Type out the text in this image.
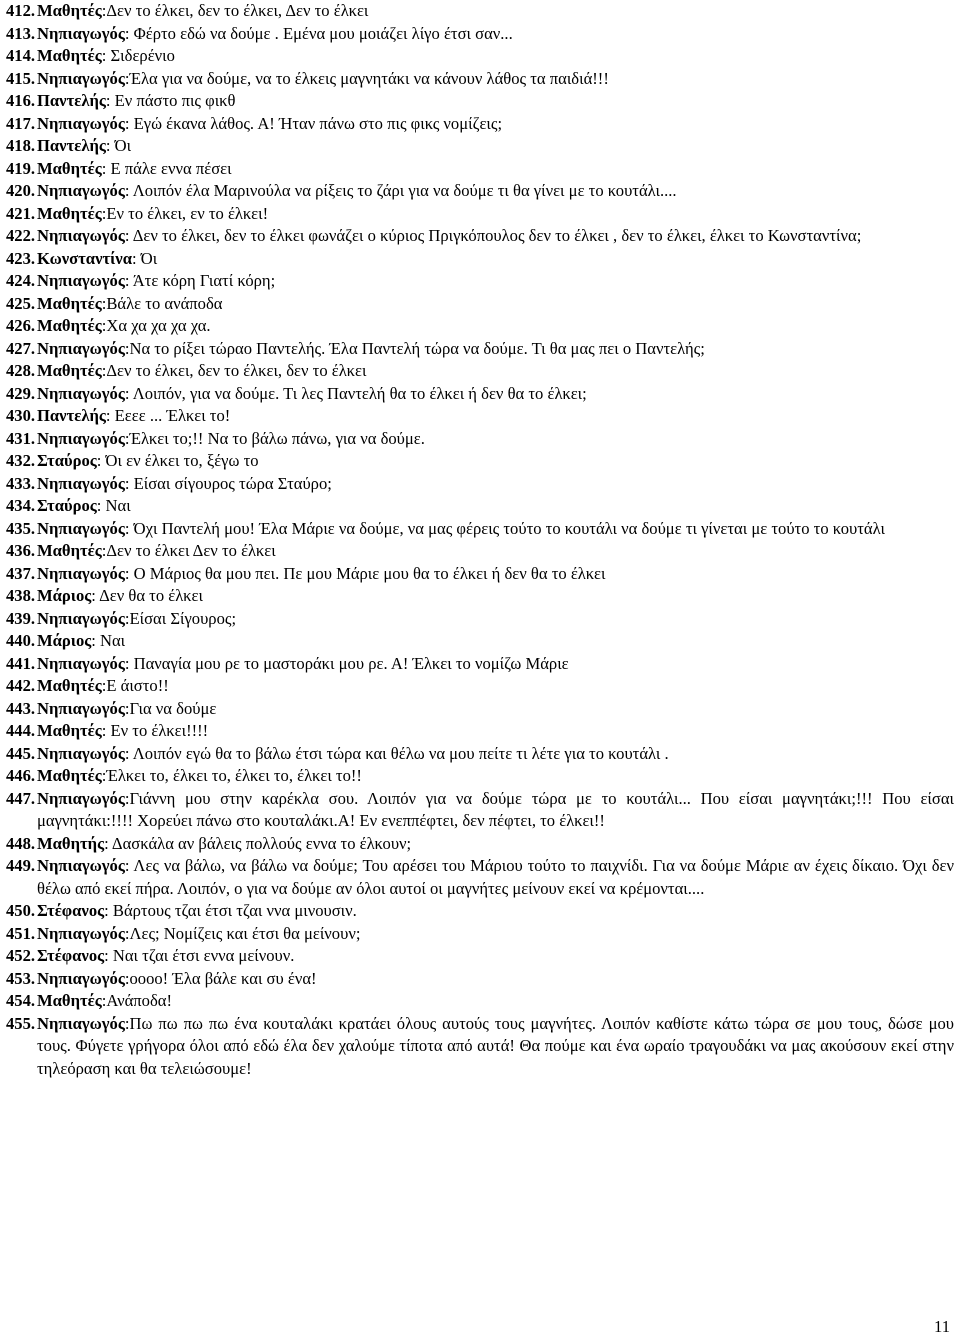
412. Μαθητές:Δεν το έλκει, δεν το έλκει, Δεν το έλκει
413. Νηπιαγωγός: Φέρτο εδώ να δούμε . Εμένα μου μοιάζει λίγο έτσι σαν...
414. Μαθητές: Σιδερένιο
415. Νηπιαγωγός:Έλα για να δούμε, να το έλκεις μαγνητάκι να κάνουν λάθος τα παιδιά!!!
416. Παντελής: Εν πάστο πις φικθ
417. Νηπιαγωγός: Εγώ έκανα λάθος. Α! Ήταν πάνω στο πις φικς νομίζεις;
418. Παντελής: Όι
419. Μαθητές: Ε πάλε εννα πέσει
420. Νηπιαγωγός: Λοιπόν έλα Μαρινούλα να ρίξεις το ζάρι για να δούμε τι θα γίνει με το κουτάλι....
421. Μαθητές:Εν το έλκει, εν το έλκει!
422. Νηπιαγωγός: Δεν το έλκει, δεν το έλκει φωνάζει ο κύριος Πριγκόπουλος δεν το έλκει , δεν το έλκει, έλκει το Κωνσταντίνα;
423. Κωνσταντίνα: Όι
424. Νηπιαγωγός: Άτε κόρη Γιατί κόρη;
425. Μαθητές:Βάλε το ανάποδα
426. Μαθητές:Χα χα χα χα χα.
427. Νηπιαγωγός:Να το ρίξει τώραο Παντελής. Έλα Παντελή τώρα να δούμε. Τι θα μας πει ο Παντελής;
428. Μαθητές:Δεν το έλκει, δεν το έλκει, δεν το έλκει
429. Νηπιαγωγός: Λοιπόν, για να δούμε. Τι λες Παντελή θα το έλκει ή δεν θα το έλκει;
430. Παντελής: Εεεε ... Έλκει το!
431. Νηπιαγωγός:Έλκει το;!! Να το βάλω πάνω, για να δούμε.
432. Σταύρος: Όι εν έλκει το, ξέγω το
433. Νηπιαγωγός: Είσαι σίγουρος τώρα Σταύρο;
434. Σταύρος: Ναι
435. Νηπιαγωγός: Όχι Παντελή μου! Έλα Μάριε να δούμε, να μας φέρεις τούτο το κουτάλι να δούμε τι γίνεται με τούτο το κουτάλι
436. Μαθητές:Δεν το έλκει Δεν το έλκει
437. Νηπιαγωγός: Ο Μάριος θα μου πει. Πε μου Μάριε μου θα το έλκει ή δεν θα το έλκει
438. Μάριος: Δεν θα το έλκει
439. Νηπιαγωγός:Είσαι Σίγουρος;
440. Μάριος: Ναι
441. Νηπιαγωγός: Παναγία μου ρε το μαστοράκι μου ρε. Α! Έλκει το νομίζω Μάριε
442. Μαθητές:Ε άιστο!!
443. Νηπιαγωγός:Για να δούμε
444. Μαθητές: Εν το έλκει!!!!
445. Νηπιαγωγός: Λοιπόν εγώ θα το βάλω έτσι τώρα και θέλω να μου πείτε τι λέτε για το κουτάλι .
446. Μαθητές:Έλκει το, έλκει το, έλκει το, έλκει το!!
447. Νηπιαγωγός:Γιάννη μου στην καρέκλα σου. Λοιπόν για να δούμε τώρα με το κουτάλι... Που είσαι μαγνητάκι;!!! Που είσαι μαγνητάκι:!!!! Χορεύει πάνω στο κουταλάκι.Α! Εν ενεππέφτει, δεν πέφτει, το έλκει!!
448. Μαθητής: Δασκάλα αν βάλεις πολλούς εννα το έλκουν;
449. Νηπιαγωγός: Λες να βάλω, να βάλω να δούμε; Του αρέσει του Μάριου τούτο το παιχνίδι. Για να δούμε Μάριε αν έχεις δίκαιο. Όχι δεν θέλω από εκεί πήρα. Λοιπόν, ο για να δούμε αν όλοι αυτοί οι μαγνήτες μείνουν εκεί να κρέμονται....
450. Στέφανος: Βάρτους τζαι έτσι τζαι ννα μινουσιν.
451. Νηπιαγωγός:Λες; Νομίζεις και έτσι θα μείνουν;
452. Στέφανος: Ναι τζαι έτσι εννα μείνουν.
453. Νηπιαγωγός:οοοο! Έλα βάλε και συ ένα!
454. Μαθητές:Ανάποδα!
455. Νηπιαγωγός:Πω πω πω πω ένα κουταλάκι κρατάει όλους αυτούς τους μαγνήτες. Λοιπόν καθίστε κάτω τώρα σε μου τους, δώσε μου τους. Φύγετε γρήγορα όλοι από εδώ έλα δεν χαλούμε τίποτα από αυτά! Θα πούμε και ένα ωραίο τραγουδάκι να μας ακούσουν εκεί στην τηλεόραση και θα τελειώσουμε!
11
